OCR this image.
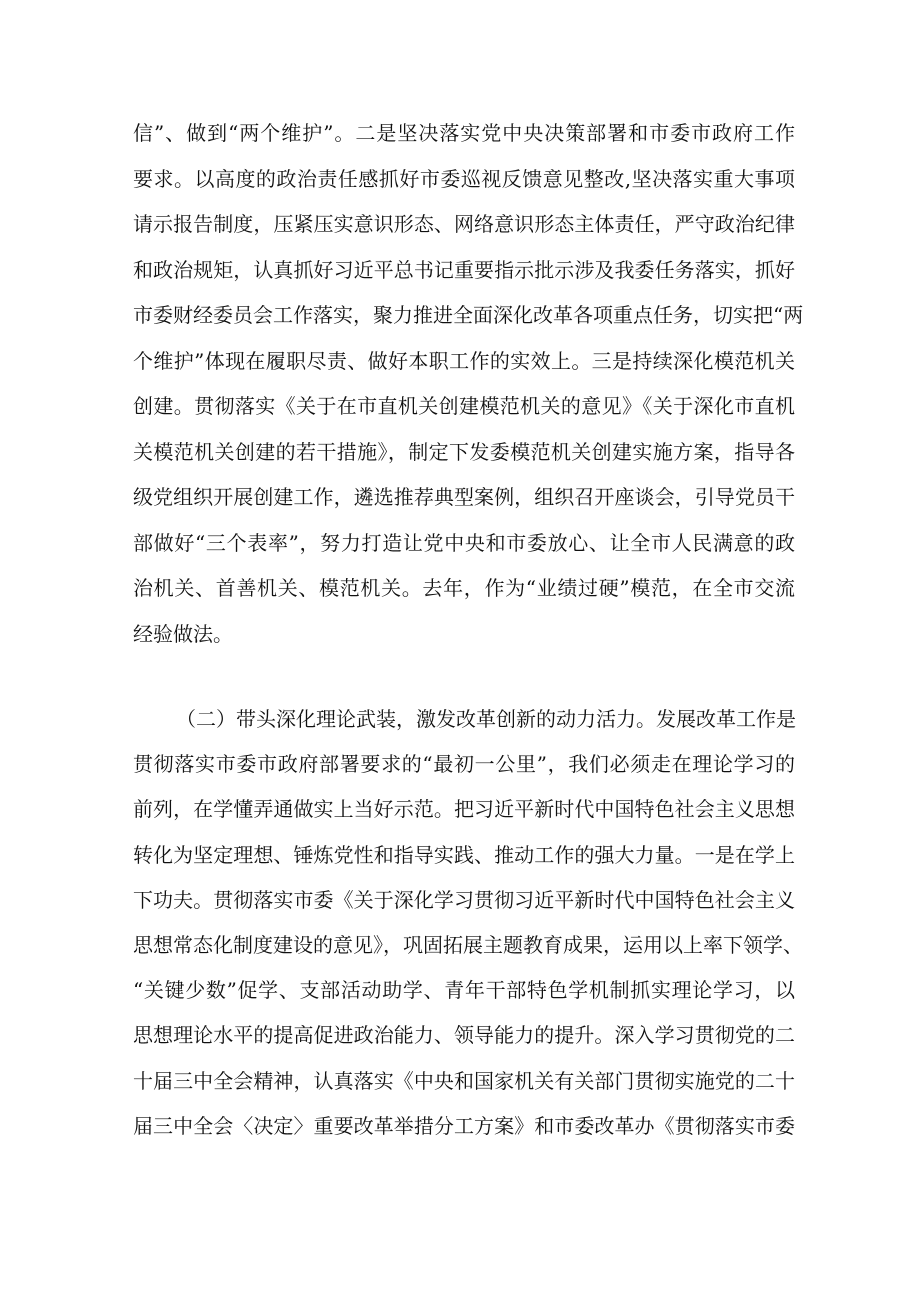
信”、做到“两个维护”。二是坚决落实党中央决策部署和市委市政府工作
要求。以高度的政治责任感抓好市委巡视反馈意见整改,坚决落实重大事项
请示报告制度，压紧压实意识形态、网络意识形态主体责任，严守政治纪律
和政治规矩，认真抓好习近平总书记重要指示批示涉及我委任务落实，抓好
市委财经委员会工作落实，聚力推进全面深化改革各项重点任务，切实把“两
个维护”体现在履职尽责、做好本职工作的实效上。三是持续深化模范机关
创建。贯彻落实《关于在市直机关创建模范机关的意见》《关于深化市直机
关模范机关创建的若干措施》，制定下发委模范机关创建实施方案，指导各
级党组织开展创建工作，遴选推荐典型案例，组织召开座谈会，引导党员干
部做好“三个表率”，努力打造让党中央和市委放心、让全市人民满意的政
治机关、首善机关、模范机关。去年，作为“业绩过硬”模范，在全市交流
经验做法。
（二）带头深化理论武装，激发改革创新的动力活力。发展改革工作是
贯彻落实市委市政府部署要求的“最初一公里”，我们必须走在理论学习的
前列，在学懂弄通做实上当好示范。把习近平新时代中国特色社会主义思想
转化为坚定理想、锤炼党性和指导实践、推动工作的强大力量。一是在学上
下功夫。贯彻落实市委《关于深化学习贯彻习近平新时代中国特色社会主义
思想常态化制度建设的意见》，巩固拓展主题教育成果，运用以上率下领学、
“关键少数”促学、支部活动助学、青年干部特色学机制抓实理论学习，以
思想理论水平的提高促进政治能力、领导能力的提升。深入学习贯彻党的二
十届三中全会精神，认真落实《中央和国家机关有关部门贯彻实施党的二十
届三中全会〈决定〉重要改革举措分工方案》和市委改革办《贯彻落实市委
